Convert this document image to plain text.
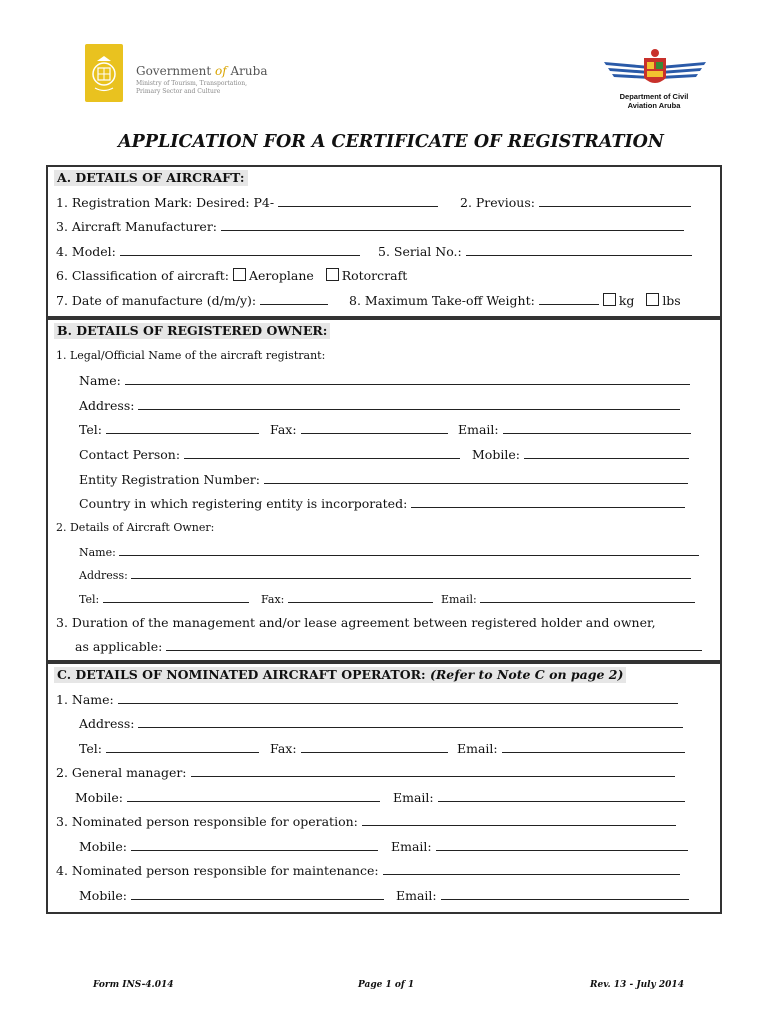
Government of Aruba
Ministry of Tourism, Transportation,
Primary Sector and Culture
Department of Civil
Aviation Aruba
APPLICATION FOR A CERTIFICATE OF REGISTRATION
A. DETAILS OF AIRCRAFT:
1. Registration Mark: Desired: P4-	2. Previous:
3. Aircraft Manufacturer:
4. Model:	5. Serial No.:
6. Classification of aircraft: Aeroplane Rotorcraft
7. Date of manufacture (d/m/y):	8. Maximum Take-off Weight:	kg lbs
B. DETAILS OF REGISTERED OWNER:
1. Legal/Official Name of the aircraft registrant:
Name:
Address:
Tel:	Fax:	Email:
Contact Person:	Mobile:
Entity Registration Number:
Country in which registering entity is incorporated:
2. Details of Aircraft Owner:
Name:
Address:
Tel:	Fax:	Email:
3. Duration of the management and/or lease agreement between registered holder and owner,
as applicable:
C. DETAILS OF NOMINATED AIRCRAFT OPERATOR: (Refer to Note C on page 2)
1. Name:
Address:
Tel:	Fax:	Email:
2. General manager:
Mobile:	Email:
3. Nominated person responsible for operation:
Mobile:	Email:
4. Nominated person responsible for maintenance:
Mobile:	Email:
Form INS-4.014	Page 1 of 1	Rev. 13 - July 2014
